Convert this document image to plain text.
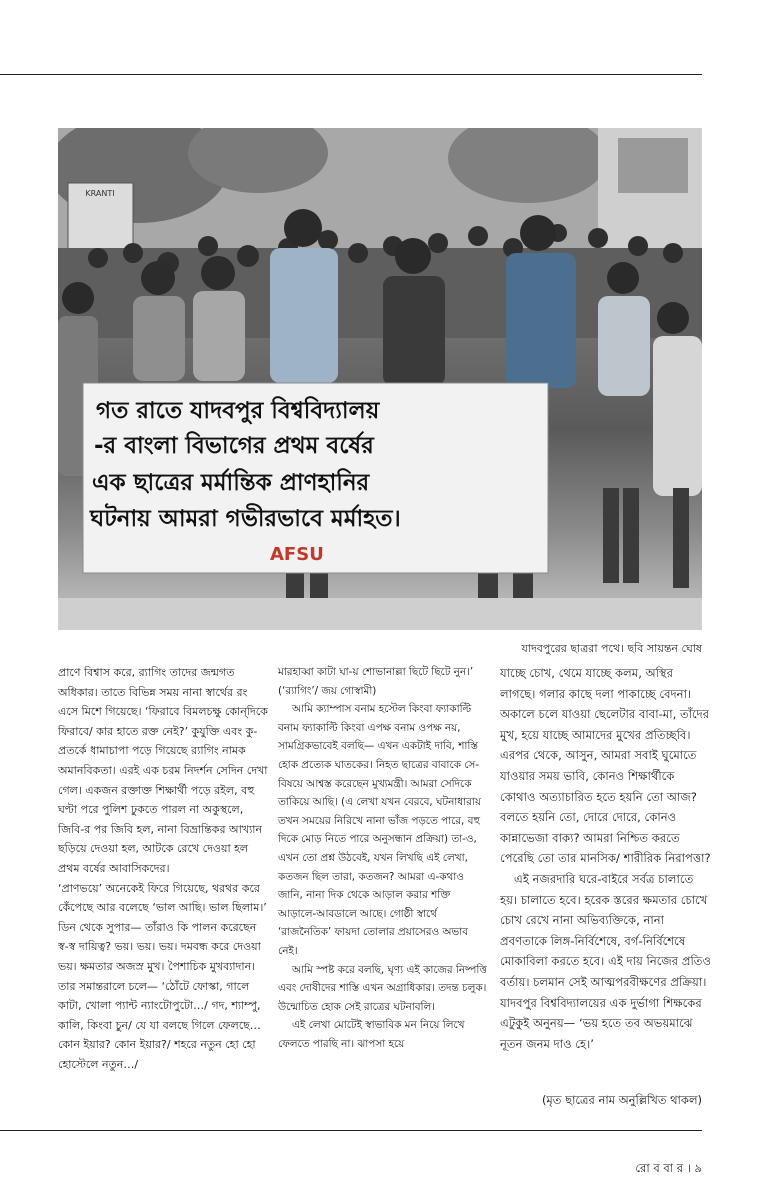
KRANTI
গত রাতে যাদবপুর বিশ্ববিদ্যালয়
-র বাংলা বিভাগের প্রথম বর্ষের
এক ছাত্রের মর্মান্তিক প্রাণহানির
ঘটনায় আমরা গভীরভাবে মর্মাহত।
AFSU
যাদবপুরের ছাত্ররা পথে। ছবি সায়ন্তন ঘোষ

প্রাণে বিশ্বাস করে, র‍্যাগিং তাদের জন্মগত অধিকার। তাতে বিভিন্ন সময় নানা স্বার্থের রং এসে মিশে গিয়েছে। ‘ফিরাবে বিমলচক্ষু কোন্‌দিকে ফিরাবে/ কার হাতে রক্ত নেই?’ কুযুক্তি এবং কু-প্রতর্কে ধামাচাপা পড়ে গিয়েছে র‍্যাগিং নামক অমানবিকতা। এরই এক চরম নিদর্শন সেদিন দেখা গেল। একজন রক্তাক্ত শিক্ষার্থী পড়ে রইল, বহু ঘণ্টা পরে পুলিশ ঢুকতে পারল না অকুস্থলে, জিবি-র পর জিবি হল, নানা বিভ্রান্তিকর আখ্যান ছড়িয়ে দেওয়া হল, আটকে রেখে দেওয়া হল প্রথম বর্ষের আবাসিকদের।

‘প্রাণভয়ে’ অনেকেই ফিরে গিয়েছে, থরথর করে কেঁপেছে আর বলেছে ‘ভাল আছি। ভাল ছিলাম।’ ডিন থেকে সুপার— তাঁরাও কি পালন করেছেন স্ব-স্ব দায়িত্ব? ভয়। ভয়। ভয়। দমবন্ধ করে দেওয়া ভয়। ক্ষমতার অজস্র মুখ। পৈশাচিক মুখব্যাদান। তার সমান্তরালে চলে— ‘ঠোঁটে ফোস্কা, গালে কাটা, খোলা প্যান্ট ন্যাংটোপুটো…/ গদ, শ্যাম্পু, কালি, কিংবা চুন/ যে যা বলছে গিলে ফেলছে… কোন ইয়ার? কোন ইয়ার?/ শহরে নতুন হো হো হোস্টেলে নতুন…/

মারহাব্বা কাটা ঘা-য় শোভানাল্লা ছিটে ছিটে নুন।’ (‘র‍্যাগিং’/ জয় গোস্বামী)

আমি ক্যাম্পাস বনাম হস্টেল কিংবা ফ্যাকাল্টি বনাম ফ্যাকাল্টি কিংবা এপক্ষ বনাম ওপক্ষ নয়, সামগ্রিকভাবেই বলছি— এখন একটাই দাবি, শাস্তি হোক প্রত্যেক ঘাতকের। নিহত ছাত্রের বাবাকে সে-বিষয়ে আশ্বস্ত করেছেন মুখ্যমন্ত্রী। আমরা সেদিকে তাকিয়ে আছি। (এ লেখা যখন বেরবে, ঘটনাধারায় তখন সময়ের নিরিখে নানা ভাঁজ পড়তে পারে, বহু দিকে মোড় নিতে পারে অনুসন্ধান প্রক্রিয়া) তা-ও, এখন তো প্রশ্ন উঠবেই, যখন লিখছি এই লেখা, কতজন ছিল তারা, কতজন? আমরা এ-কথাও জানি, নানা দিক থেকে আড়াল করার শক্তি আড়ালে-আবডালে আছে। গোষ্ঠী স্বার্থে ‘রাজনৈতিক’ ফায়দা তোলার প্রয়াসেরও অভাব নেই।

আমি স্পষ্ট করে বলছি, ঘৃণ্য এই কাজের নিষ্পত্তি এবং দোষীদের শাস্তি এখন অগ্রাধিকার। তদন্ত চলুক। উন্মোচিত হোক সেই রাত্রের ঘটনাবলি।

এই লেখা মোটেই স্বাভাবিক মন নিয়ে লিখে ফেলতে পারছি না। ঝাপসা হয়ে

যাচ্ছে চোখ, থেমে যাচ্ছে কলম, অস্থির লাগছে। গলার কাছে দলা পাকাচ্ছে বেদনা। অকালে চলে যাওয়া ছেলেটার বাবা-মা, তাঁদের মুখ, হয়ে যাচ্ছে আমাদের মুখের প্রতিচ্ছবি। এরপর থেকে, আসুন, আমরা সবাই ঘুমোতে যাওয়ার সময় ভাবি, কোনও শিক্ষার্থীকে কোথাও অত্যাচারিত হতে হয়নি তো আজ? বলতে হয়নি তো, দোরে দোরে, কোনও কান্নাভেজা বাক্য? আমরা নিশ্চিত করতে পেরেছি তো তার মানসিক/ শারীরিক নিরাপত্তা?

এই নজরদারি ঘরে-বাইরে সর্বত্র চালাতে হয়। চালাতে হবে। হরেক স্তরের ক্ষমতার চোখে চোখ রেখে নানা অভিব্যক্তিকে, নানা প্রবণতাকে লিঙ্গ-নির্বিশেষে, বর্গ-নির্বিশেষে মোকাবিলা করতে হবে। এই দায় নিজের প্রতিও বর্তায়। চলমান সেই আত্মপরবীক্ষণের প্রক্রিয়া। যাদবপুর বিশ্ববিদ্যালয়ের এক দুর্ভাগা শিক্ষকের এটুকুই অনুনয়— ‘ভয় হতে তব অভয়মাঝে নূতন জনম দাও হে।’

(মৃত ছাত্রের নাম অনুল্লিখিত থাকল)
রো ব বা র । ৯
